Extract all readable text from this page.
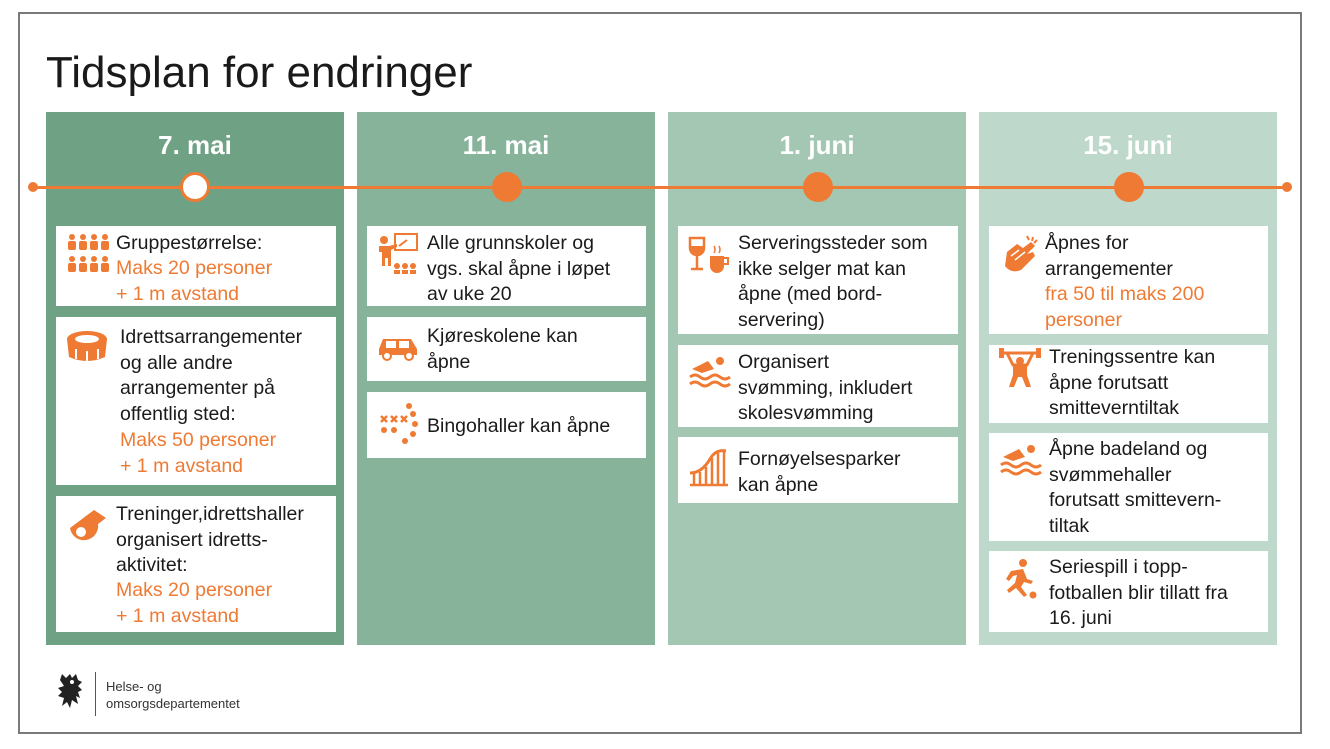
Tidsplan for endringer
7. mai	11. mai	1. juni	15. juni
Gruppestørrelse:
Maks 20 personer
+ 1 m avstand
Idrettsarrangementer
og alle andre
arrangementer på
offentlig sted:
Maks 50 personer
+ 1 m avstand
Treninger,idrettshaller
organisert idretts-
aktivitet:
Maks 20 personer
+ 1 m avstand
Alle grunnskoler og
vgs. skal åpne i løpet
av uke 20
Kjøreskolene kan
åpne
Bingohaller kan åpne
Serveringssteder som
ikke selger mat kan
åpne (med bord-
servering)
Organisert
svømming, inkludert
skolesvømming
Fornøyelsesparker
kan åpne
Åpnes for
arrangementer
fra 50 til maks 200
personer
Treningssentre kan
åpne forutsatt
smitteverntiltak
Åpne badeland og
svømmehaller
forutsatt smittevern-
tiltak
Seriespill i topp-
fotballen blir tillatt fra
16. juni
Helse- og
omsorgsdepartementet
